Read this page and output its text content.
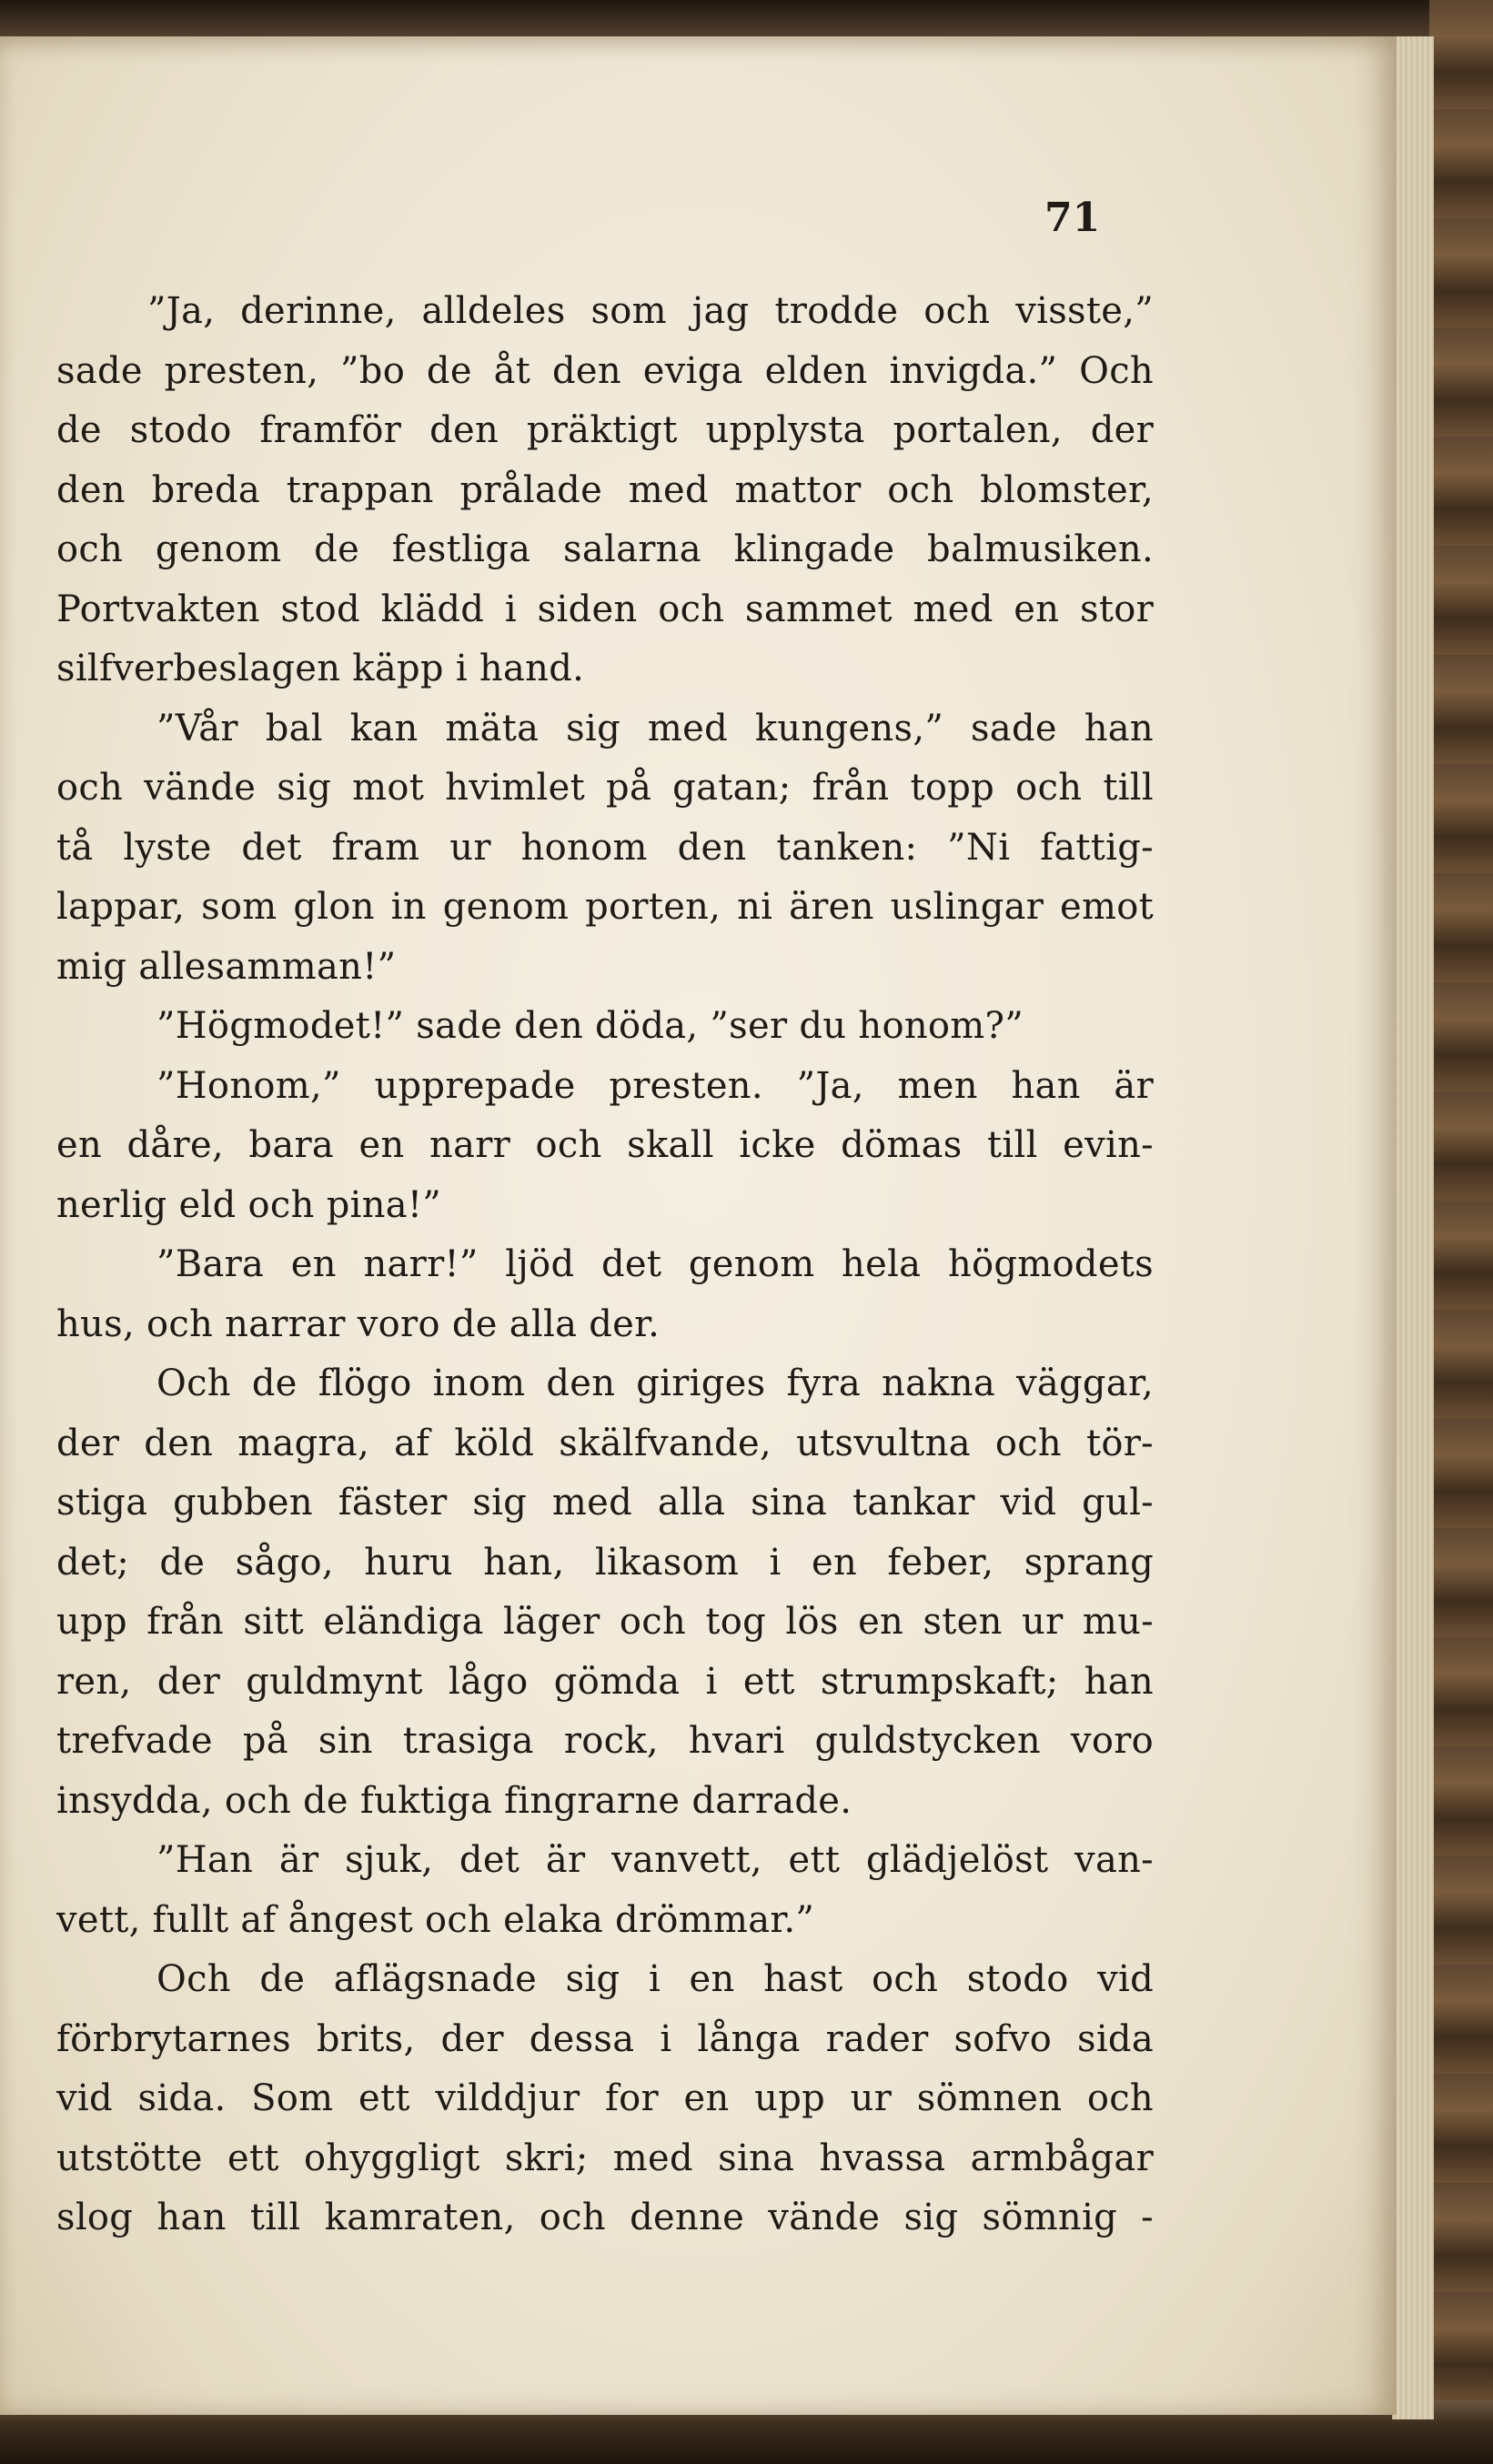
71
”Ja, derinne, alldeles som jag trodde och visste,”
sade presten, ”bo de åt den eviga elden invigda.” Och
de stodo framför den präktigt upplysta portalen, der
den breda trappan prålade med mattor och blomster,
och genom de festliga salarna klingade balmusiken.
Portvakten stod klädd i siden och sammet med en stor
silfverbeslagen käpp i hand.
”Vår bal kan mäta sig med kungens,” sade han
och vände sig mot hvimlet på gatan; från topp och till
tå lyste det fram ur honom den tanken: ”Ni fattig-
lappar, som glon in genom porten, ni ären uslingar emot
mig allesamman!”
”Högmodet!” sade den döda, ”ser du honom?”
”Honom,” upprepade presten. ”Ja, men han är
en dåre, bara en narr och skall icke dömas till evin-
nerlig eld och pina!”
”Bara en narr!” ljöd det genom hela högmodets
hus, och narrar voro de alla der.
Och de flögo inom den giriges fyra nakna väggar,
der den magra, af köld skälfvande, utsvultna och tör-
stiga gubben fäster sig med alla sina tankar vid gul-
det; de sågo, huru han, likasom i en feber, sprang
upp från sitt eländiga läger och tog lös en sten ur mu-
ren, der guldmynt lågo gömda i ett strumpskaft; han
trefvade på sin trasiga rock, hvari guldstycken voro
insydda, och de fuktiga fingrarne darrade.
”Han är sjuk, det är vanvett, ett glädjelöst van-
vett, fullt af ångest och elaka drömmar.”
Och de aflägsnade sig i en hast och stodo vid
förbrytarnes brits, der dessa i långa rader sofvo sida
vid sida. Som ett vilddjur for en upp ur sömnen och
utstötte ett ohyggligt skri; med sina hvassa armbågar
slog han till kamraten, och denne vände sig sömnig -
